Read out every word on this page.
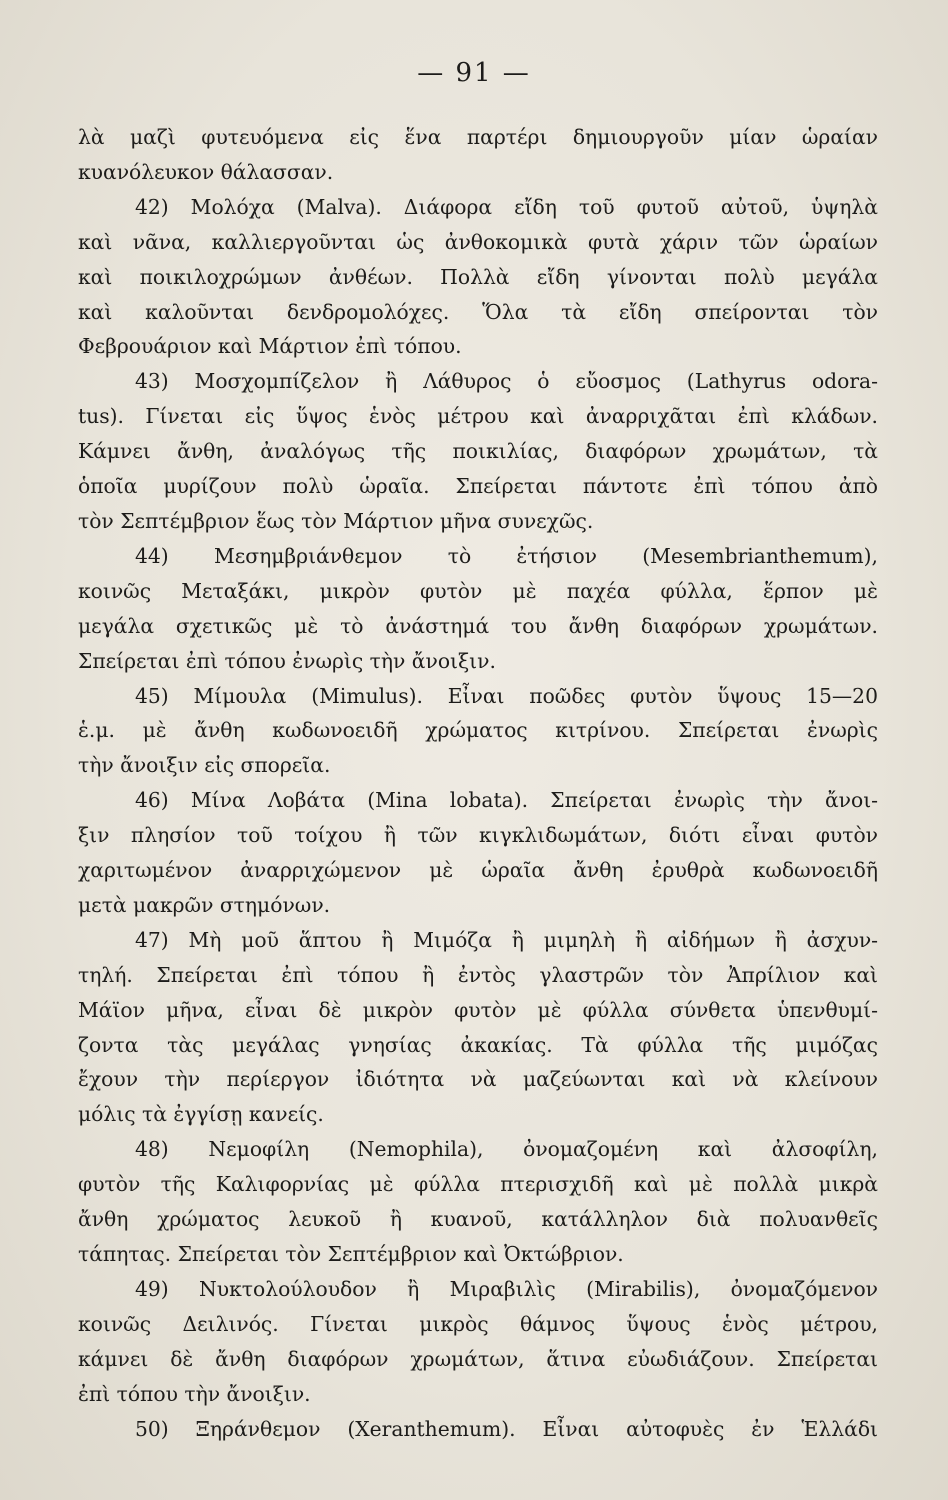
— 91 —
λὰ μαζὶ φυτευόμενα εἰς ἕνα παρτέρι δημιουργοῦν μίαν ὡραίαν
κυανόλευκον θάλασσαν.
42) Μολόχα (Malva). Διάφορα εἴδη τοῦ φυτοῦ αὐτοῦ, ὑψηλὰ
καὶ νᾶνα, καλλιεργοῦνται ὡς ἀνθοκομικὰ φυτὰ χάριν τῶν ὡραίων
καὶ ποικιλοχρώμων ἀνθέων. Πολλὰ εἴδη γίνονται πολὺ μεγάλα
καὶ καλοῦνται δενδρομολόχες. Ὅλα τὰ εἴδη σπείρονται τὸν
Φεβρουάριον καὶ Μάρτιον ἐπὶ τόπου.
43) Μοσχομπίζελον ἢ Λάθυρος ὁ εὔοσμος (Lathyrus odora-
tus). Γίνεται εἰς ὕψος ἑνὸς μέτρου καὶ ἀναρριχᾶται ἐπὶ κλάδων.
Κάμνει ἄνθη, ἀναλόγως τῆς ποικιλίας, διαφόρων χρωμάτων, τὰ
ὁποῖα μυρίζουν πολὺ ὡραῖα. Σπείρεται πάντοτε ἐπὶ τόπου ἀπὸ
τὸν Σεπτέμβριον ἕως τὸν Μάρτιον μῆνα συνεχῶς.
44) Μεσημβριάνθεμον τὸ ἐτήσιον (Mesembrianthemum),
κοινῶς Μεταξάκι, μικρὸν φυτὸν μὲ παχέα φύλλα, ἕρπον μὲ
μεγάλα σχετικῶς μὲ τὸ ἀνάστημά του ἄνθη διαφόρων χρωμάτων.
Σπείρεται ἐπὶ τόπου ἐνωρὶς τὴν ἄνοιξιν.
45) Μίμουλα (Mimulus). Εἶναι ποῶδες φυτὸν ὕψους 15—20
ἑ.μ. μὲ ἄνθη κωδωνοειδῆ χρώματος κιτρίνου. Σπείρεται ἐνωρὶς
τὴν ἄνοιξιν εἰς σπορεῖα.
46) Μίνα Λοβάτα (Mina lobata). Σπείρεται ἐνωρὶς τὴν ἄνοι-
ξιν πλησίον τοῦ τοίχου ἢ τῶν κιγκλιδωμάτων, διότι εἶναι φυτὸν
χαριτωμένον ἀναρριχώμενον μὲ ὡραῖα ἄνθη ἐρυθρὰ κωδωνοειδῆ
μετὰ μακρῶν στημόνων.
47) Μὴ μοῦ ἅπτου ἢ Μιμόζα ἢ μιμηλὴ ἢ αἰδήμων ἢ ἀσχυν-
τηλή. Σπείρεται ἐπὶ τόπου ἢ ἐντὸς γλαστρῶν τὸν Ἀπρίλιον καὶ
Μάϊον μῆνα, εἶναι δὲ μικρὸν φυτὸν μὲ φύλλα σύνθετα ὑπενθυμί-
ζοντα τὰς μεγάλας γνησίας ἀκακίας. Τὰ φύλλα τῆς μιμόζας
ἔχουν τὴν περίεργον ἰδιότητα νὰ μαζεύωνται καὶ νὰ κλείνουν
μόλις τὰ ἐγγίσῃ κανείς.
48) Νεμοφίλη (Nemophila), ὀνομαζομένη καὶ ἀλσοφίλη,
φυτὸν τῆς Καλιφορνίας μὲ φύλλα πτερισχιδῆ καὶ μὲ πολλὰ μικρὰ
ἄνθη χρώματος λευκοῦ ἢ κυανοῦ, κατάλληλον διὰ πολυανθεῖς
τάπητας. Σπείρεται τὸν Σεπτέμβριον καὶ Ὀκτώβριον.
49) Νυκτολούλουδον ἢ Μιραβιλὶς (Mirabilis), ὀνομαζόμενον
κοινῶς Δειλινός. Γίνεται μικρὸς θάμνος ὕψους ἑνὸς μέτρου,
κάμνει δὲ ἄνθη διαφόρων χρωμάτων, ἅτινα εὐωδιάζουν. Σπείρεται
ἐπὶ τόπου τὴν ἄνοιξιν.
50) Ξηράνθεμον (Xeranthemum). Εἶναι αὐτοφυὲς ἐν Ἑλλάδι
